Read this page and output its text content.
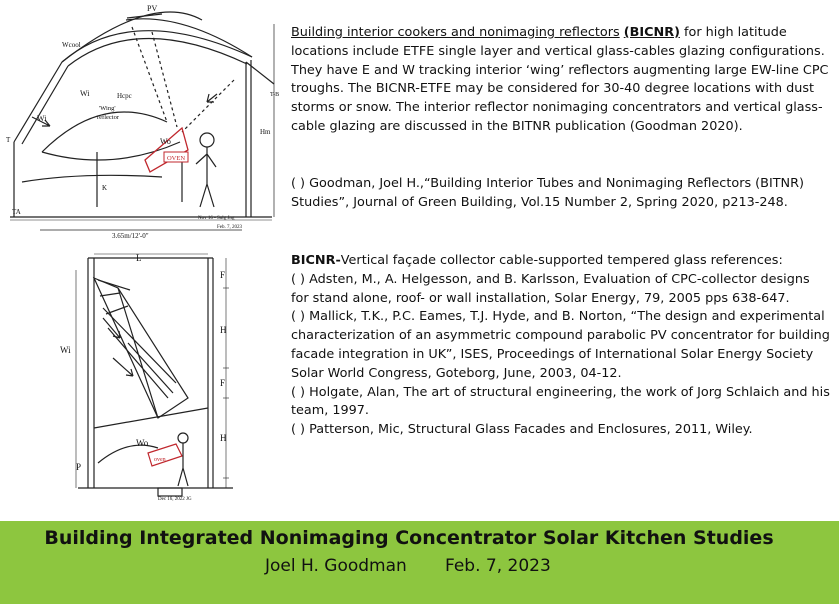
OVEN
PV
Wcool
Wi	Hcpc
'Wing'
reflector
Wi
Wo
Hm
K
T
TA
T-B
3.65m/12'-0"
Nov 16 - Sulg Jng
Feb. 7, 2023
L
F
H
Wi
F
H
Wo
oven
P
Dec 16, 2022 JG

Building interior cookers and nonimaging reflectors (BICNR) for high latitude locations include ETFE single layer and vertical glass-cables glazing configurations. They have E and W tracking interior ‘wing’ reflectors augmenting large EW-line CPC troughs. The BICNR-ETFE may be considered for 30-40 degree locations with dust storms or snow. The interior reflector nonimaging concentrators and vertical glass-cable glazing are discussed in the BITNR publication (Goodman 2020).

( ) Goodman, Joel H.,“Building Interior Tubes and Nonimaging Reflectors (BITNR) Studies”, Journal of Green Building, Vol.15 Number 2, Spring 2020, p213-248.

BICNR-Vertical façade collector cable-supported tempered glass references:

( ) Adsten, M., A. Helgesson, and B. Karlsson, Evaluation of CPC-collector designs for stand alone, roof- or wall installation, Solar Energy, 79, 2005 pps 638-647.

( ) Mallick, T.K., P.C. Eames, T.J. Hyde, and B. Norton, “The design and experimental characterization of an asymmetric compound parabolic PV concentrator for building facade integration in UK”, ISES, Proceedings of International Solar Energy Society Solar World Congress, Goteborg, June, 2003, 04-12.

( ) Holgate, Alan, The art of structural engineering, the work of Jorg Schlaich and his team, 1997.

( ) Patterson, Mic, Structural Glass Facades and Enclosures, 2011, Wiley.

Building Integrated Nonimaging Concentrator Solar Kitchen Studies
Joel H. Goodman Feb. 7, 2023
